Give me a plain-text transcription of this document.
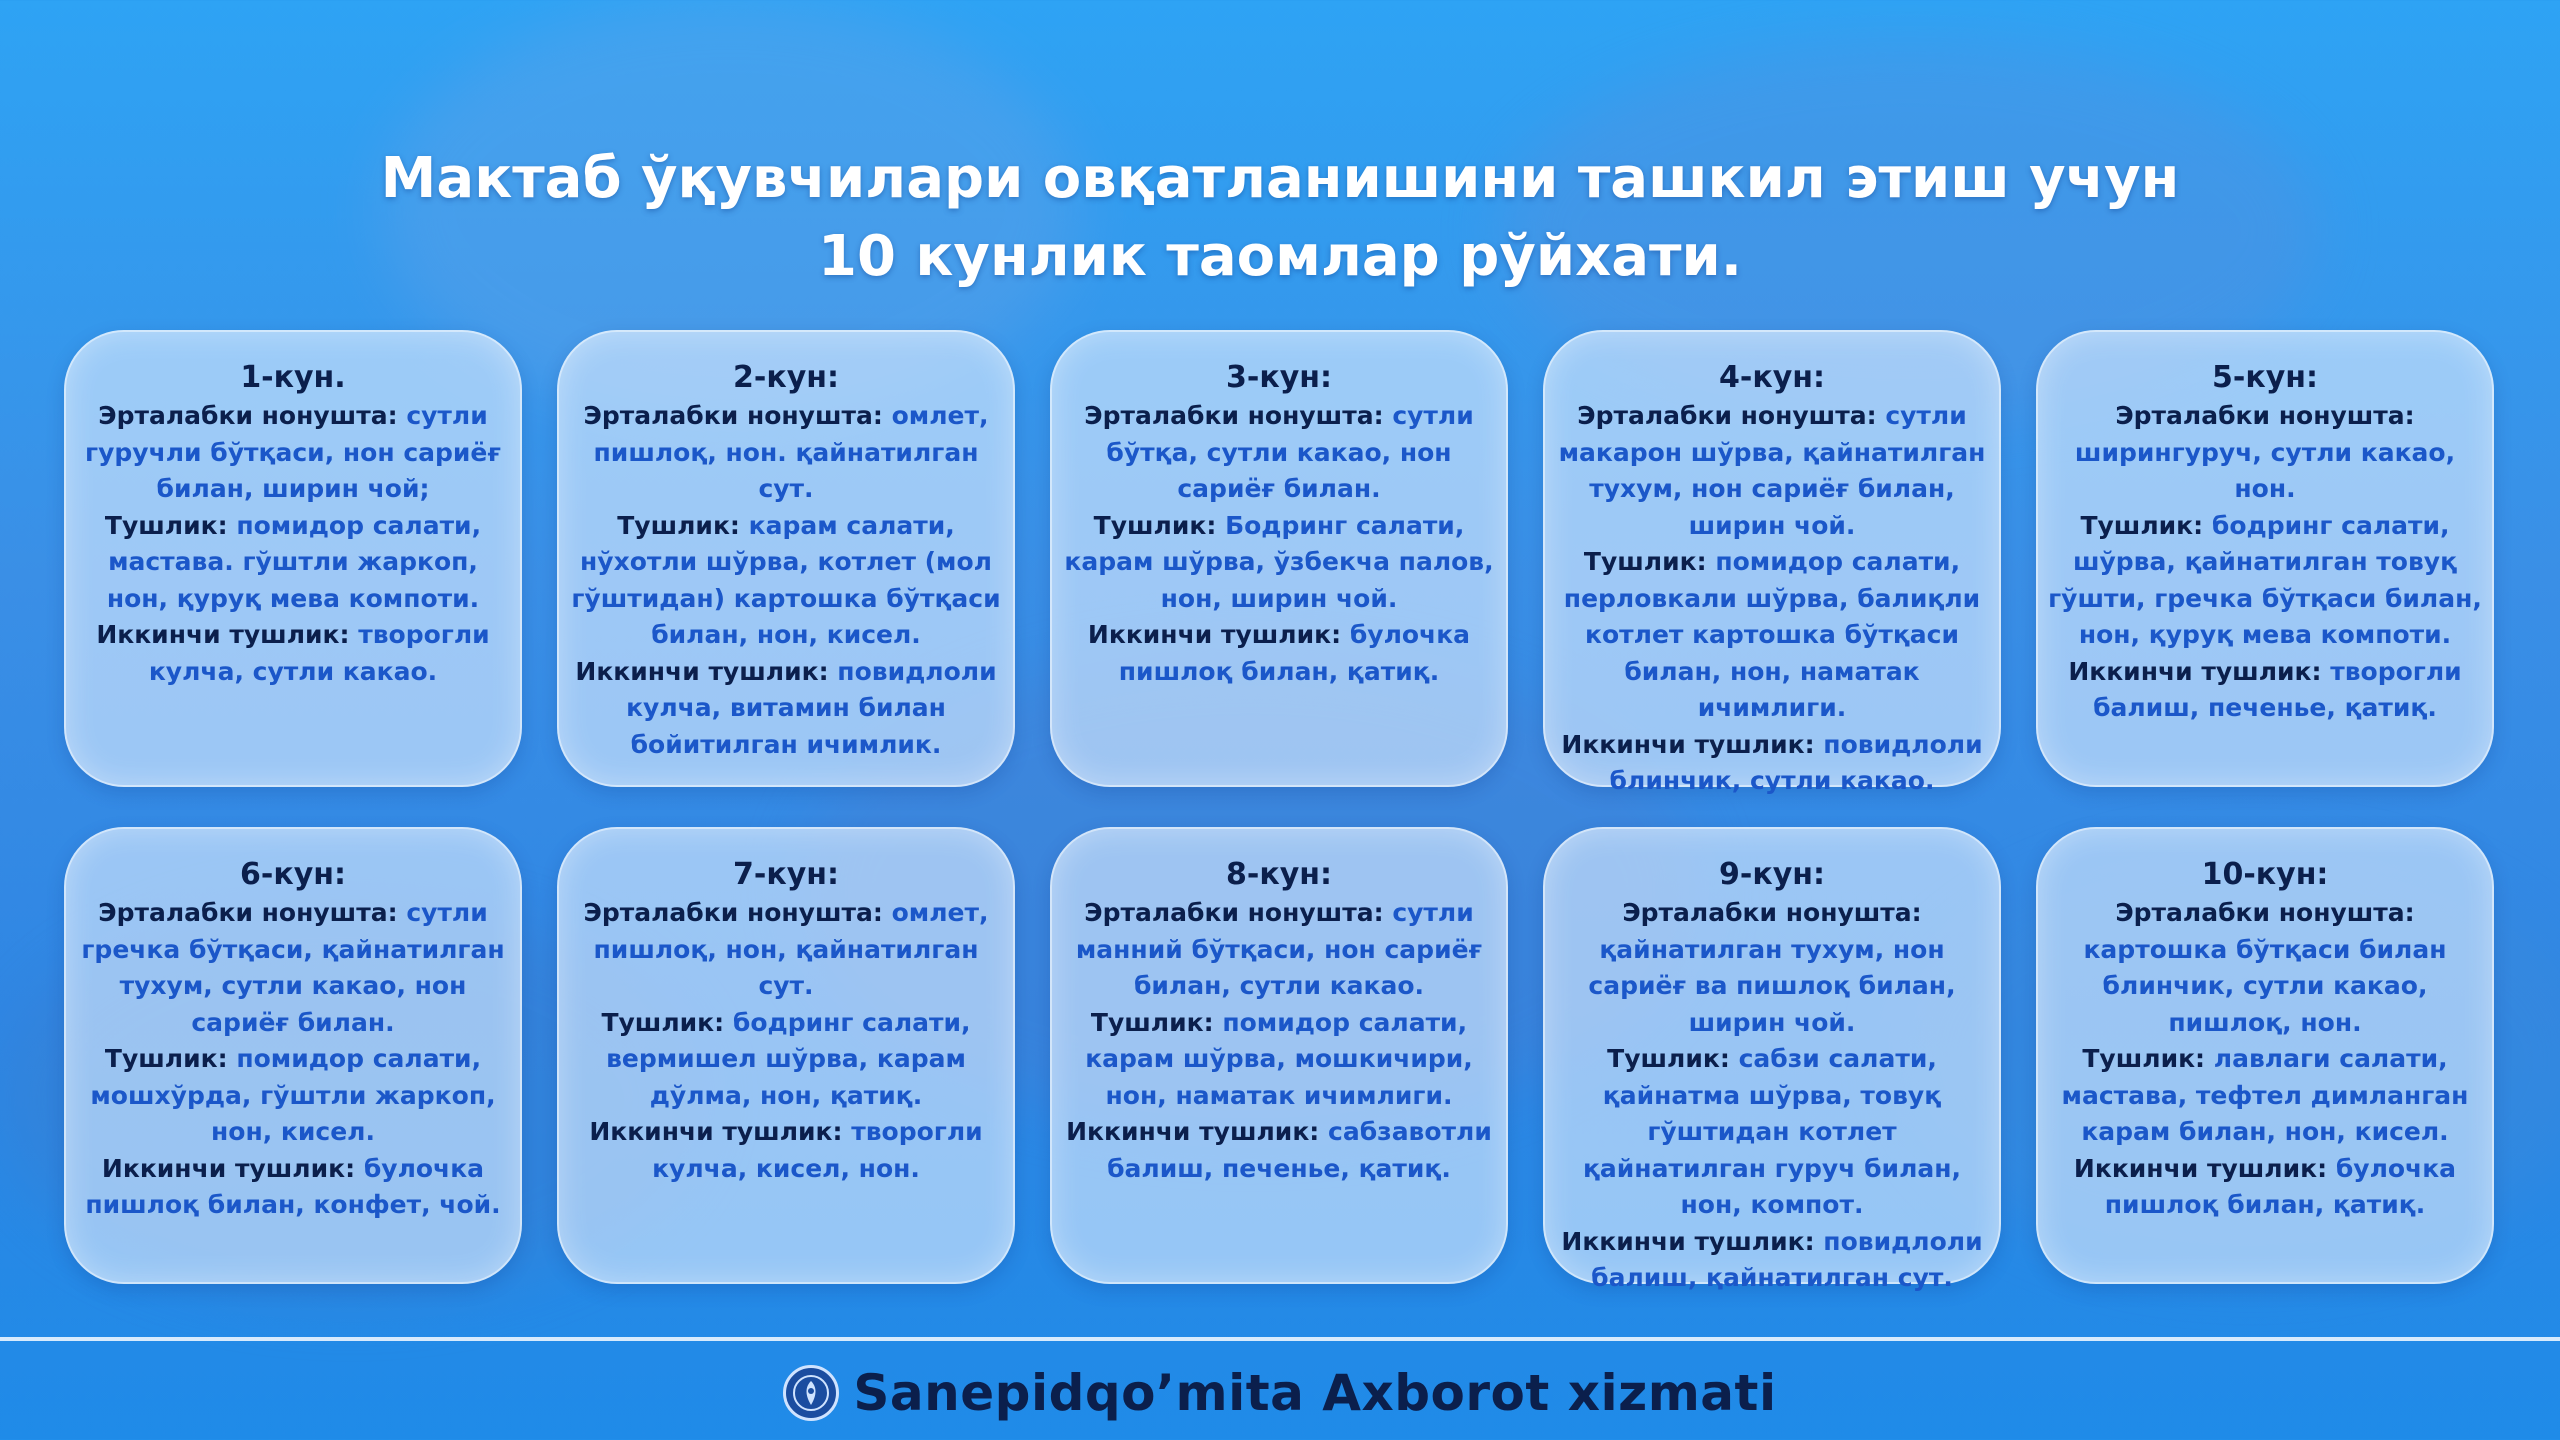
Мактаб ўқувчилари овқатланишини ташкил этиш учун
10 кунлик таомлар рўйхати.
1-кун.
Эрталабки нонушта: сутли гуручли бўтқаси, нон сариёғ билан, ширин чой;
Тушлик: помидор салати, мастава. гўштли жаркоп, нон, қуруқ мева компоти.
Иккинчи тушлик: творогли кулча, сутли какао.
2-кун:
Эрталабки нонушта: омлет, пишлоқ, нон. қайнатилган сут.
Тушлик: карам салати, нўхотли шўрва, котлет (мол гўштидан) картошка бўтқаси билан, нон, кисел.
Иккинчи тушлик: повидлоли кулча, витамин билан бойитилган ичимлик.
3-кун:
Эрталабки нонушта: сутли бўтқа, сутли какао, нон сариёғ билан.
Тушлик: Бодринг салати, карам шўрва, ўзбекча палов, нон, ширин чой.
Иккинчи тушлик: булочка пишлоқ билан, қатиқ.
4-кун:
Эрталабки нонушта: сутли макарон шўрва, қайнатилган тухум, нон сариёғ билан, ширин чой.
Тушлик: помидор салати, перловкали шўрва, балиқли котлет картошка бўтқаси билан, нон, наматак ичимлиги.
Иккинчи тушлик: повидлоли блинчик, сутли какао.
5-кун:
Эрталабки нонушта: ширингуруч, сутли какао, нон.
Тушлик: бодринг салати, шўрва, қайнатилган товуқ гўшти, гречка бўтқаси билан, нон, қуруқ мева компоти.
Иккинчи тушлик: творогли балиш, печенье, қатиқ.
6-кун:
Эрталабки нонушта: сутли гречка бўтқаси, қайнатилган тухум, сутли какао, нон сариёғ билан.
Тушлик: помидор салати, мошхўрда, гўштли жаркоп, нон, кисел.
Иккинчи тушлик: булочка пишлоқ билан, конфет, чой.
7-кун:
Эрталабки нонушта: омлет, пишлоқ, нон, қайнатилган сут.
Тушлик: бодринг салати, вермишел шўрва, карам дўлма, нон, қатиқ.
Иккинчи тушлик: творогли кулча, кисел, нон.
8-кун:
Эрталабки нонушта: сутли манний бўтқаси, нон сариёғ билан, сутли какао.
Тушлик: помидор салати, карам шўрва, мошкичири, нон, наматак ичимлиги.
Иккинчи тушлик: сабзавотли балиш, печенье, қатиқ.
9-кун:
Эрталабки нонушта: қайнатилган тухум, нон сариёғ ва пишлоқ билан, ширин чой.
Тушлик: сабзи салати, қайнатма шўрва, товуқ гўштидан котлет қайнатилган гуруч билан, нон, компот.
Иккинчи тушлик: повидлоли балиш, қайнатилган сут.
10-кун:
Эрталабки нонушта: картошка бўтқаси билан блинчик, сутли какао, пишлоқ, нон.
Тушлик: лавлаги салати, мастава, тефтел димланган карам билан, нон, кисел.
Иккинчи тушлик: булочка пишлоқ билан, қатиқ.
Sanepidqo’mita Axborot xizmati
